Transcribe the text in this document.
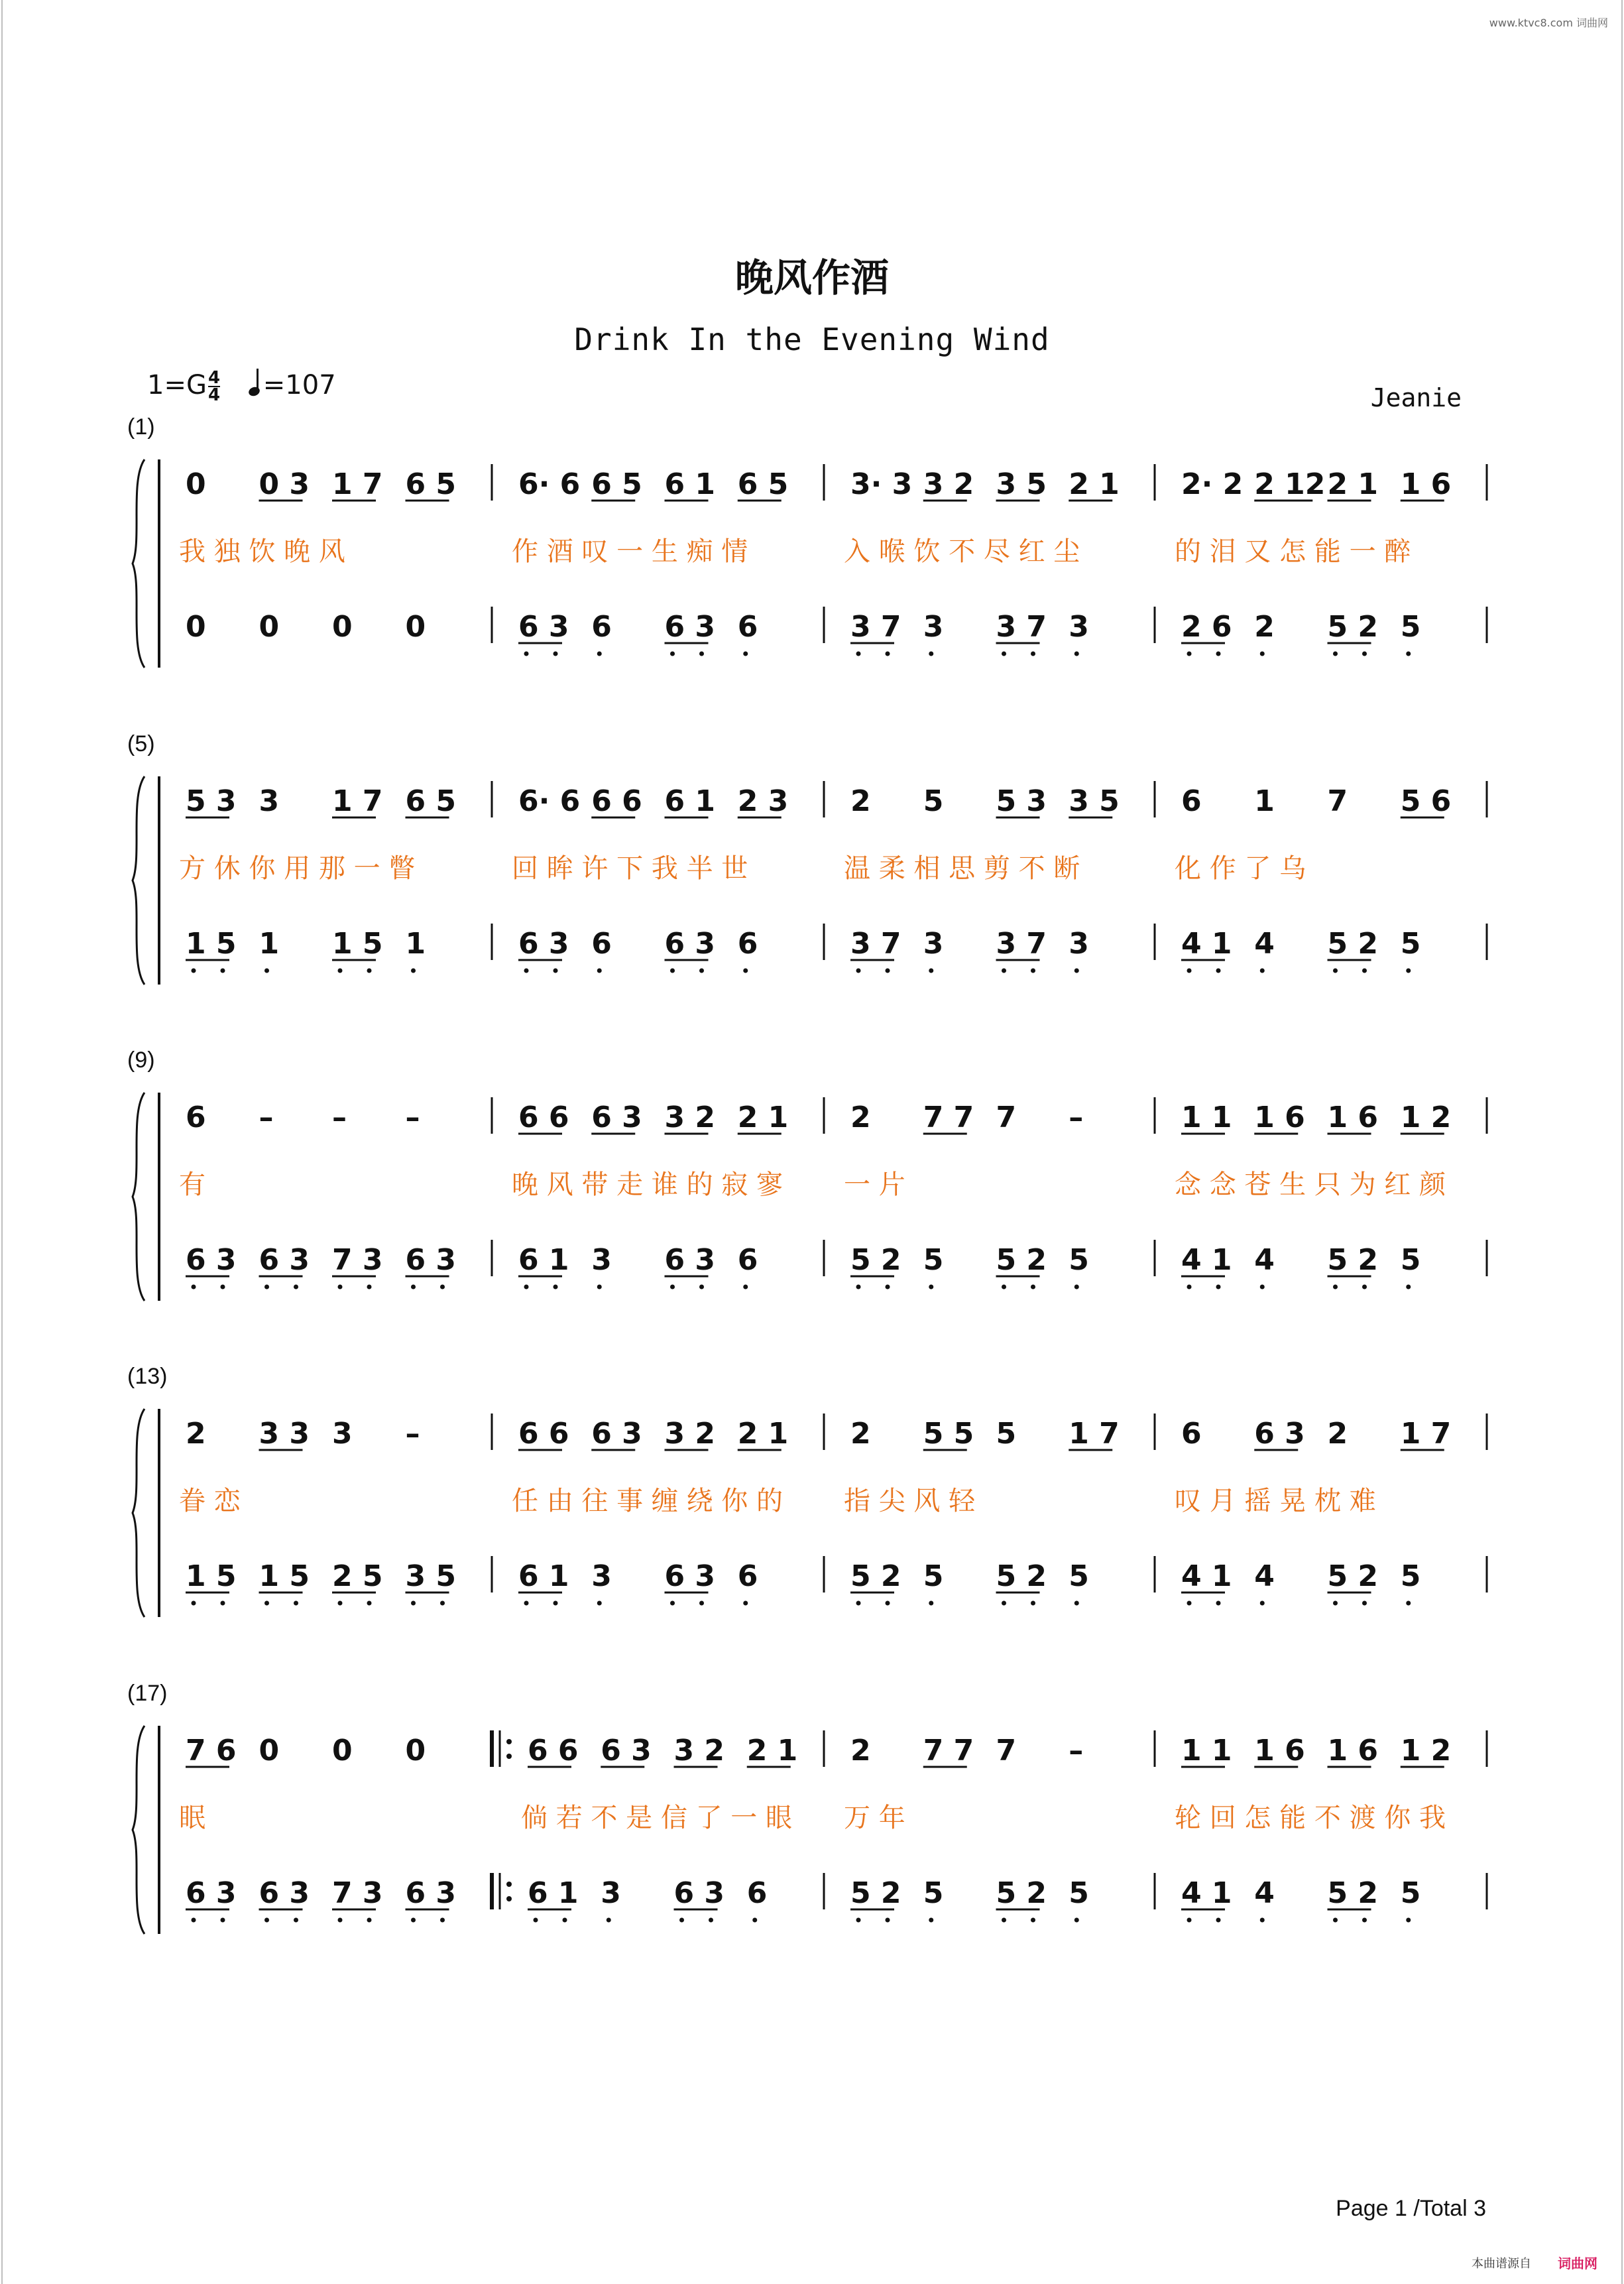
www.ktvc8.com 词曲网
晚风作酒
Drink In the Evening Wind
$1=G \frac{4}{4}$
=107	Jeanie
(1)
0 0 3 1 7 6 5
我 独 饮 晚 风
0 0 0 0
6· 6 6 5 6 1 6 5
作 酒 叹 一 生 痴 情
6 3 6 6 3 6
3· 3 3 2 3 5 2 1
入 喉 饮 不 尽 红 尘
3 7 3 3 7 3
2· 2 2 12 2 1 1 6
的 泪 又 怎 能 一 醉
2 6 2 5 2 5
(5)
5 3 3 1 7 6 5
方 休 你 用 那 一 瞥
1 5 1 1 5 1
6· 6 6 6 6 1 2 3
回 眸 许 下 我 半 世
6 3 6 6 3 6
2 5 5 3 3 5
温 柔 相 思 剪 不 断
3 7 3 3 7 3
6 1 7 5 6
化 作 了 乌
4 1 4 5 2 5
(9)
6 – – –
有
6 3 6 3 7 3 6 3
6 6 6 3 3 2 2 1
晚 风 带 走 谁 的 寂 寥
6 1 3 6 3 6
2 7 7 7 –
一 片
5 2 5 5 2 5
1 1 1 6 1 6 1 2
念 念 苍 生 只 为 红 颜
4 1 4 5 2 5
(13)
2 3 3 3 –
眷 恋
1 5 1 5 2 5 3 5
6 6 6 3 3 2 2 1
任 由 往 事 缠 绕 你 的
6 1 3 6 3 6
2 5 5 5 1 7
指 尖 风 轻
5 2 5 5 2 5
6 6 3 2 1 7
叹 月 摇 晃 枕 难
4 1 4 5 2 5
(17)
7 6 0 0 0
眠
6 3 6 3 7 3 6 3
6 6 6 3 3 2 2 1
倘 若 不 是 信 了 一 眼
6 1 3 6 3 6
2 7 7 7 –
万 年
5 2 5 5 2 5
1 1 1 6 1 6 1 2
轮 回 怎 能 不 渡 你 我
4 1 4 5 2 5
Page 1 /Total 3
本曲谱源自 词曲网
